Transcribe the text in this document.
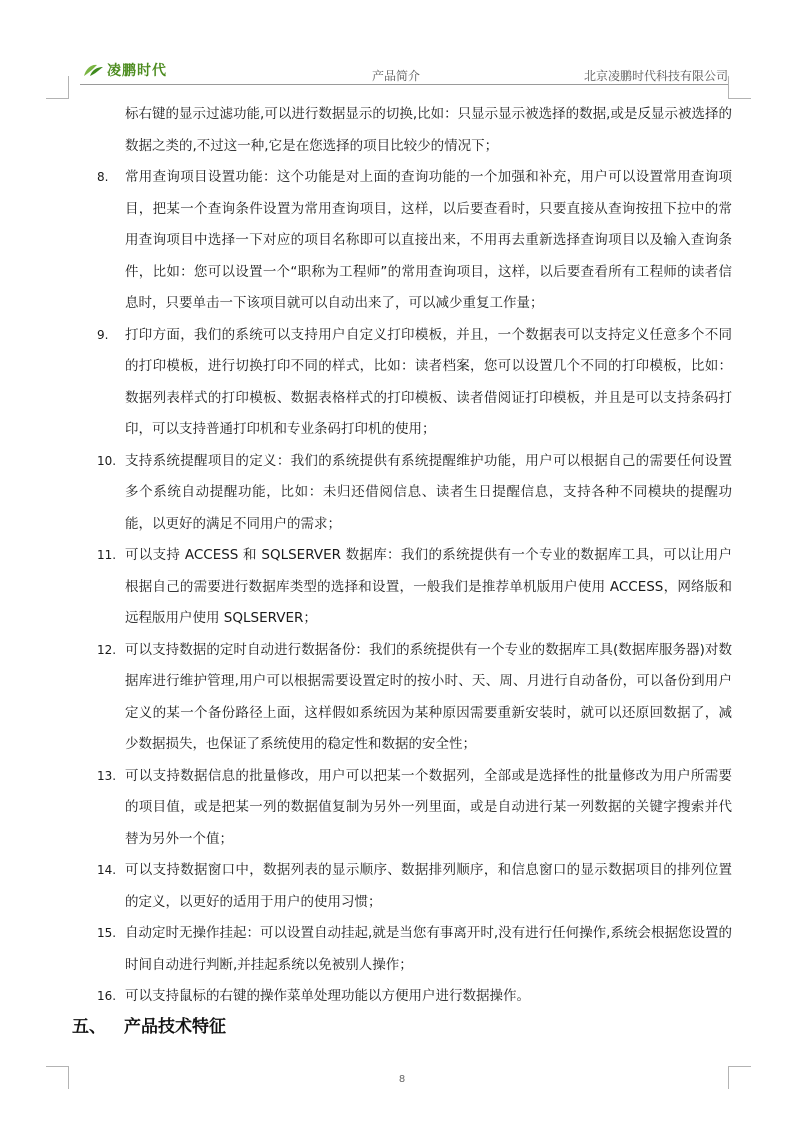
凌鹏时代	产品简介	北京凌鹏时代科技有限公司
标右键的显示过滤功能,可以进行数据显示的切换,比如：只显示显示被选择的数据,或是反显示被选择的数据之类的,不过这一种,它是在您选择的项目比较少的情况下；
8. 常用查询项目设置功能：这个功能是对上面的查询功能的一个加强和补充，用户可以设置常用查询项目，把某一个查询条件设置为常用查询项目，这样，以后要查看时，只要直接从查询按扭下拉中的常用查询项目中选择一下对应的项目名称即可以直接出来，不用再去重新选择查询项目以及输入查询条件，比如：您可以设置一个“职称为工程师”的常用查询项目，这样，以后要查看所有工程师的读者信息时，只要单击一下该项目就可以自动出来了，可以减少重复工作量；
9. 打印方面，我们的系统可以支持用户自定义打印模板，并且，一个数据表可以支持定义任意多个不同的打印模板，进行切换打印不同的样式，比如：读者档案，您可以设置几个不同的打印模板，比如：数据列表样式的打印模板、数据表格样式的打印模板、读者借阅证打印模板，并且是可以支持条码打印，可以支持普通打印机和专业条码打印机的使用；
10. 支持系统提醒项目的定义：我们的系统提供有系统提醒维护功能，用户可以根据自己的需要任何设置多个系统自动提醒功能，比如：未归还借阅信息、读者生日提醒信息，支持各种不同模块的提醒功能，以更好的满足不同用户的需求；
11. 可以支持 ACCESS 和 SQLSERVER 数据库：我们的系统提供有一个专业的数据库工具，可以让用户根据自己的需要进行数据库类型的选择和设置，一般我们是推荐单机版用户使用 ACCESS，网络版和远程版用户使用 SQLSERVER；
12. 可以支持数据的定时自动进行数据备份：我们的系统提供有一个专业的数据库工具(数据库服务器)对数据库进行维护管理,用户可以根据需要设置定时的按小时、天、周、月进行自动备份，可以备份到用户定义的某一个备份路径上面，这样假如系统因为某种原因需要重新安装时，就可以还原回数据了，减少数据损失，也保证了系统使用的稳定性和数据的安全性；
13. 可以支持数据信息的批量修改，用户可以把某一个数据列，全部或是选择性的批量修改为用户所需要的项目值，或是把某一列的数据值复制为另外一列里面，或是自动进行某一列数据的关键字搜索并代替为另外一个值；
14. 可以支持数据窗口中，数据列表的显示顺序、数据排列顺序，和信息窗口的显示数据项目的排列位置的定义，以更好的适用于用户的使用习惯；
15. 自动定时无操作挂起：可以设置自动挂起,就是当您有事离开时,没有进行任何操作,系统会根据您设置的时间自动进行判断,并挂起系统以免被别人操作；
16. 可以支持鼠标的右键的操作菜单处理功能以方便用户进行数据操作。
五、 产品技术特征
8
